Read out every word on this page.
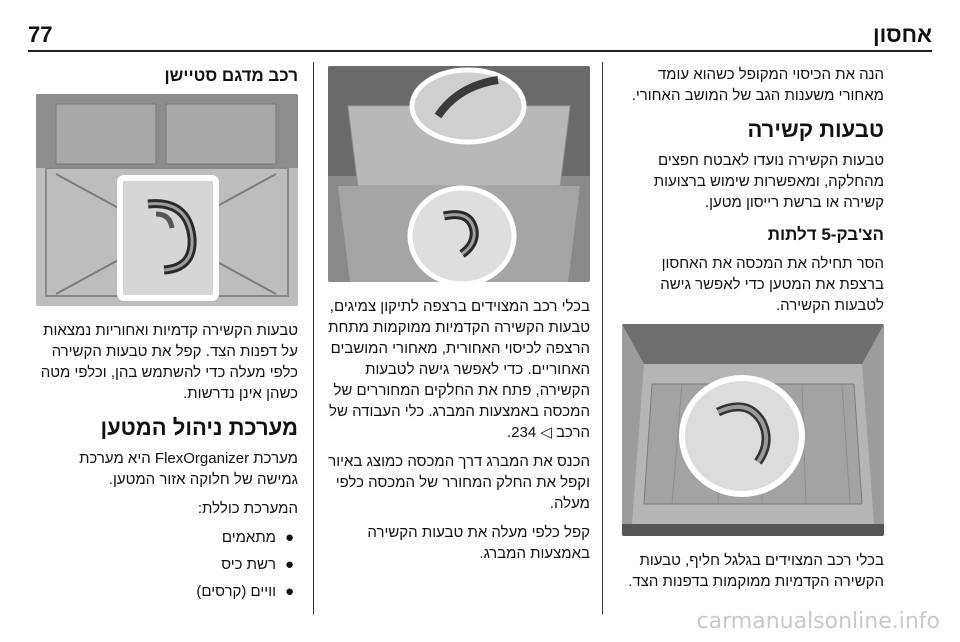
אחסון
77

הנה את הכיסוי המקופל כשהוא עומד מאחורי משענות הגב של המושב האחורי.

טבעות קשירה

טבעות הקשירה נועדו לאבטח חפצים מהחלקה, ומאפשרות שימוש ברצועות קשירה או ברשת רייסון מטען.

הצ'בק-5 דלתות

הסר תחילה את המכסה את האחסון ברצפת את המטען כדי לאפשר גישה לטבעות הקשירה.

בכלי רכב המצוידים בגלגל חליף, טבעות הקשירה הקדמיות ממוקמות בדפנות הצד.

בכלי רכב המצוידים ברצפה לתיקון צמיגים, טבעות הקשירה הקדמיות ממוקמות מתחת הרצפה לכיסוי האחורית, מאחורי המושבים האחוריים. כדי לאפשר גישה לטבעות הקשירה, פתח את החלקים המחוררים של המכסה באמצעות המברג. כלי העבודה של הרכב ◁ 234.

הכנס את המברג דרך המכסה כמוצג באיור וקפל את החלק המחורר של המכסה כלפי מעלה.

קפל כלפי מעלה את טבעות הקשירה באמצעות המברג.

רכב מדגם סטיישן

טבעות הקשירה קדמיות ואחוריות נמצאות על דפנות הצד. קפל את טבעות הקשירה כלפי מעלה כדי להשתמש בהן, וכלפי מטה כשהן אינן נדרשות.

מערכת ניהול המטען

מערכת FlexOrganizer היא מערכת גמישה של חלוקה אזור המטען.

המערכת כוללת:

●
מתאמים
●
רשת כיס
●
וויים (קרסים)
carmanualsonline.info
